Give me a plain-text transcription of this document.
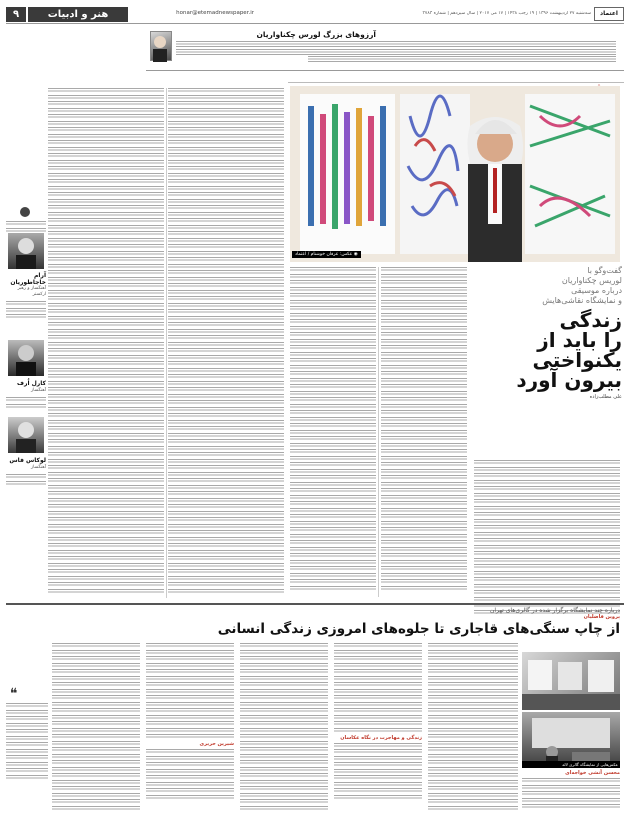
۹	هنر و ادبیات	honar@etemadnewspaper.ir	سه‌شنبه ۲۷ اردیبهشت ۱۳۹۶ | ۱۹ رجب ۱۴۳۸ | ۱۷ می ۲۰۱۷ | سال سیزدهم | شماره ۳۷۸۳	اعتماد
آرزوهای بزرگ لورس چکناواریان
آرام خاجاطوریان
آهنگساز و رهبر ارکستر
کارل اُرف
آهنگساز
لوکاس فاس
آهنگساز
◉ عکس: عرفان خوشنام / اعتماد
گفت‌وگو با
لوریس چکناواریان
درباره موسیقی
و نمایشگاه نقاشی‌هایش
زندگی
را باید از
یکنواختی
بیرون آورد
علی مطلب‌زاده
درباره چند نمایشگاه برگزار شده در گالری‌های تهران
پروین فاضلیان
از چاپ سنگی‌های قاجاری تا جلوه‌های امروزی زندگی انسانی
❝
شیرین حریری
زندگی و مهاجرت در نگاه عکاسان
عکس‌هایی از نمایشگاه گالری لاله
محسن آتشی خواجه‌ای
